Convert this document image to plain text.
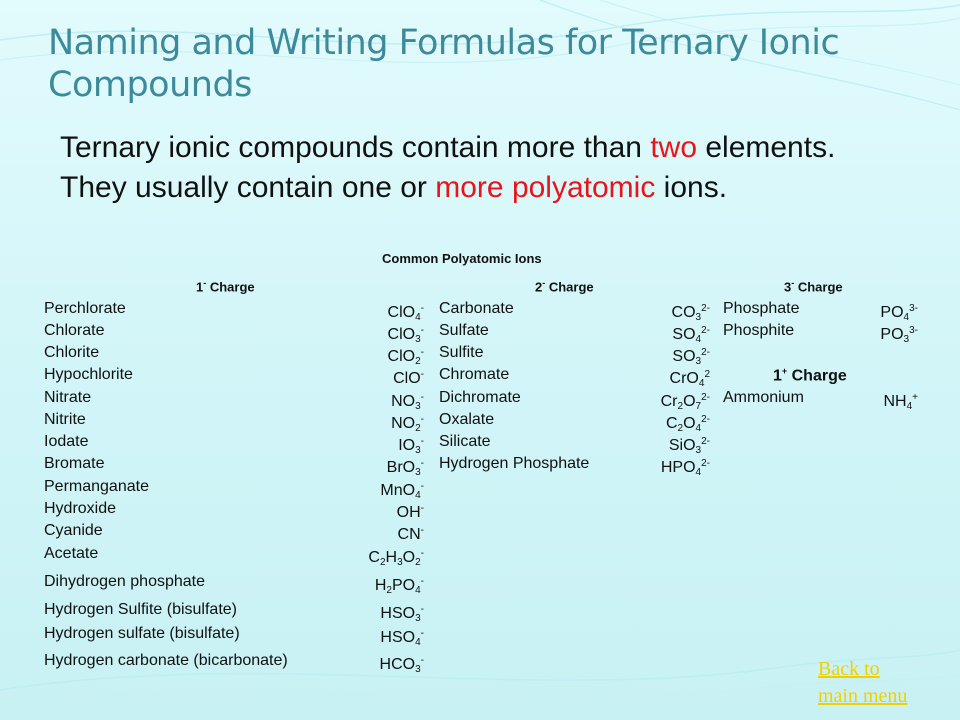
Naming and Writing Formulas for Ternary Ionic Compounds
Ternary ionic compounds contain more than two elements. They usually contain one or more polyatomic ions.
Common Polyatomic Ions
1- Charge	2- Charge	3- Charge
1+ Charge
Perchlorate	ClO$_4$-
Chlorate	ClO$_3$-
Chlorite	ClO$_2$-
Hypochlorite	ClO-
Nitrate	$NO_3^-$
Nitrite	$NO_2^-$
Iodate	$IO_3^-$
Bromate	BrO$_3$-
Permanganate	MnO$_4$-
Hydroxide	OH-
Cyanide	CN-
Acetate	$C_2H_3O_2^-$
Dihydrogen phosphate	$H_2PO_4^-$
Hydrogen Sulfite (bisulfate)	$HSO_3^-$
Hydrogen sulfate (bisulfate)	$HSO_4^-$
Hydrogen carbonate (bicarbonate)	$HCO_3^-$
Carbonate	$CO_3^{2-}$
Sulfate	$SO_4^{2-}$
Sulfite	$SO_3^{2-}$
Chromate	CrO$_4^2$
Dichromate	$Cr_2O_7^{2-}$
Oxalate	$C_2O_4^{2-}$
Silicate	SiO$_3^{2-}$
Hydrogen Phosphate	$HPO_4^{2-}$
Phosphate	$PO_4^{3-}$
Phosphite	$PO_3^{3-}$
Ammonium	$NH_4^+$
Back to
main menu
